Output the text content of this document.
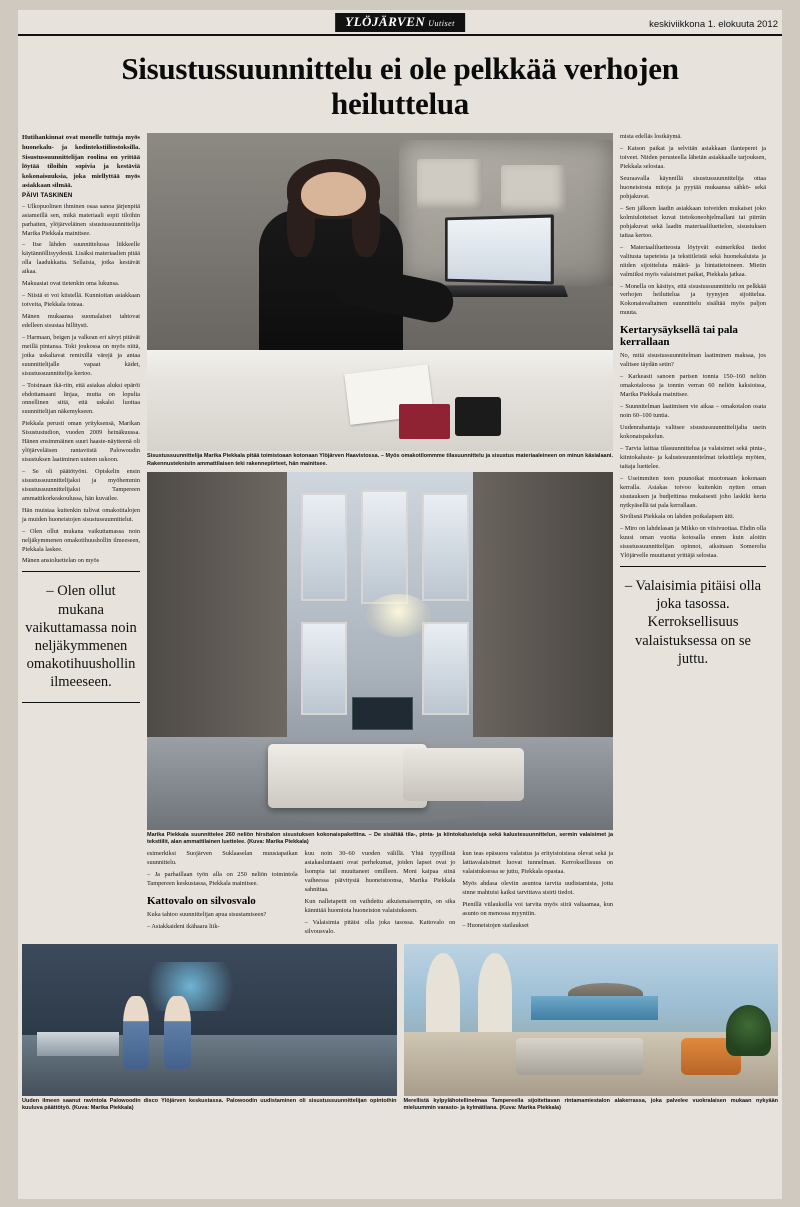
YLÖJÄRVEN Uutiset	keskiviikkona 1. elokuuta 2012
Sisustussuunnittelu ei ole pelkkää verhojen heiluttelua
Hutihankinnat ovat monelle tuttuja myös huonekalu- ja kodintekstiiliostoksilla. Sisustussuunnittelijan roolina on yrittää löytää tiloihin sopivia ja kestäviä kokonaisuuksia, joka miellyttää myös asiakkaan silmää.
PÄIVI TASKINEN

– Ulkopuolinen ihminen osaa sanoa järjenpitä asiameillä sen, mikä materiaali sopii tiloihin parhaiten, ylöjärveläinen sisustussuunnittelija Marika Piekkala mainitsee.

– Itse lähden suunnittelussa liikkeelle käytännöllisyydestä. Lisäksi materiaalien pitää olla laadukkaita. Sellaisia, jotka kestävät aikaa.

Makuasiat ovat tietenkin oma lukunsa.

– Niistä ei voi kiistellä. Kunnioitan asiakkaan toiveita, Piekkala toteaa.

Mänen mukaansa suomalaiset tahtovat edelleen sisustaa hillitysti.

– Harmaan, beigen ja valkean eri sävyt pitävät meillä pintansa. Toki joukossa on myös niitä, jotka uskaltavat remixillä värejä ja antaa suunnittelijalle vapaat kädet, sisustussuunnittelija kertoo.

– Toisinaan ikä-riin, että asiakas aluksi epäröi ehdottamaani linjaa, mutta on lopulta onnellinen siitä, että uskalsi luottaa suunnittelijan näkemykseen.

Piekkala perusti oman yrityksensä, Marikan Sisustustudion, vuoden 2009 heinäkuussa. Hänen ensimmäinen suuri haaste-näytteenä oli ylöjärveläisen rantaviistä Palowoudin sisustuksen laatiminen uuteen uskoon.

– Se oli päätötyöni. Opiskelin ensin sisustussuunnittelijaksi ja myöhemmin sisustussuunnittelijaksi Tampereen ammattikorkeakoulussa, hän kuvailee.

Hän muistaa kuitenkin tulivat omakotitalojen ja muiden huoneistojen sisustussuunnittelut.

– Olen ollut mukana vaikuttamassa noin neljäkymmenen omakotihuushollin ilmeeseen, Piekkala laskee.

Mänen ansioluettelan on myös

– Olen ollut mukana vaikuttamassa noin neljäkymmenen omakotihuushollin ilmeeseen.
Sisustussuunnittelija Marika Piekkala pitää toimistoaan kotonaan Ylöjärven Haavistossa. – Myös omakotilommme tilasuunnittelu ja sisustus materiaaleineen on minun käsialaani. Rakennusteknisiin ammattilaisen teki rakennepiirteet, hän mainitsee.
Marika Piekkala suunnittelee 260 neliön hirsitalon sisustuksen kokonaispakettina. – De sisältää tila-, pinta- ja kiintokalusteluja sekä kalustesuunnittelun, sermin valaisimet ja tekstiilit, alan ammattilainen luettelee. (Kuva: Marika Piekkala)

esimerkiksi Suojärven Suklaaselan muusiapaikan suunnittelu.

– Ja parhaillaan työn alla on 250 neliön toimintola Tampereen keskustassa, Piekkala mainitsee.

Kattovalo on silvosvalo

Kuka tahtoo suunnittelijan apua sisustamiseen?

– Asiakkaideni ikähaara liik-

kuu noin 30–60 vuoden välillä. Yhtä tyypillistä asiakasluntaani ovat perhekumat, joiden lapset ovat jo lsompia tai muuttaneet omilleen. Moni kaipaa siinä vaiheessa päivitystä huoneistoonsa, Marika Piekkala sahnittaa.

Kun nalletapetit on vaihdettu aikuismaisempiin, on sika kännitää huomiota huoneiston valaistukseen.

– Valaisimia pitäisi olla joka tasossa. Kattovalo on silvousvalo.

kun teas epäsuora valaistus ja erityistoisissa olevat sekä ja lattiavalaisimet luovat tunnelman. Kerroksellisuus on valaistuksessa se juttu, Piekkala opastaa.

Myös ahdasa oleviin asuntoa tarvita uudistamista, jotta sinne mahtuisi kaiksi tarvittava sisirti tiedot.

Pienillä viilauksilla voi tarvita myös siirä valtaamaa, kun asunto on menossa myyntiin.

– Huoneistojen stailaukset

mista edelläs lostkäymä.

– Katson paikat ja selvitän asiakkaan ilanteperet ja toiveet. Niiden perusteella lähetän asiakkaalle tarjouksen, Piekkala selostaa.

Seuraavalla käynnillä sisustussuunnittelija ottaa huoneistosta mitoja ja pyytää mukaansa sähkö- sekä pohjakuvat.

– Sen jälkeen laadin asiakkaan toiveiden mukaiset joko kolmiulotteiset kuvat tietokoneohjelmallani tai piirrän pohjakuvat sekä laadin materiaaliluettelon, sisustuksen taitaa kertoo.

– Materiaaliluetteosta löytyvät esimerkiksi tiedot valitusta tapeteista ja tekstiileistä sekä huonekaluista ja niiden sijoitteluta määrä- ja hintatietoineen. Mietin valmiiksi myös valaisimet paikat, Piekkala jatkaa.

– Monella on käsitys, että sisustussuunnittelu on pelkkää verhojen heiluttelua ja tyynyjen sijoittelua. Kokonaisvaltainen suunnittelu sisältää myös paljon muuta.

Kertarysäyksellä tai pala kerrallaan

No, mitä sisustussuunnitelman laatiminen maksaa, jos valitsee täydän setin?

– Karkeasti sanoen parisen tonnia 150–160 neliön omakotaloosa ja tonnin verran 60 neliön kaksioissa, Marika Piekkala mainitsee.

– Suunnitelman laatimisen vie aikaa – omakotalon osata noin 60–100 tuntia.

Uudenrahantaja valitsee sisustussuunnittelijalta usein kokonaispakelun.

– Tarvia laittaa tilasuunnittelua ja valaisimet sekä pinta-, kiintokaluste- ja kalustesuunnitelmat teksttileja myöten, taitaja luettelee.

– Useimmiten teen puunoikat muotonaan kokonaan kerralla. Asiakas toivoo kuitenkin nytten oman sisutauksen ja budjettinsa mukaisesti joho laskiki kerta nytkyäsellä tai pala kerrallaan.

Sivilisnä Piekkala on lahden poikalapsen äiti.

– Miro on lahdelasan ja Mikko on viisivuotiaa. Ehdin olla kuusi oman vuotta kotosalla ennen kuin aloitin sisustussuunnittelijan opinnot, aiksinaan Somerolta Ylöjärvelle muuttanut yrittäjä selostaa.

– Valaisimia pitäisi olla joka tasossa. Kerroksellisuus valaistuksessa on se juttu.
Uuden ilmeen saanut ravintola Palowoodin disco Ylöjärven keskustassa. Palowoodin uudistaminen oli sisustussuunnittelijan opintoihin kuuluva päättötyö. (Kuva: Marika Piekkala)
Merellistä kylpylähotellinelmaa Tampereella sijoitettavan rintamamiestalon alakerrassa, joka palvelee vuokralaisen mukaan nykyään mieluummin varasto- ja kylmätilana. (Kuva: Marika Piekkala)
